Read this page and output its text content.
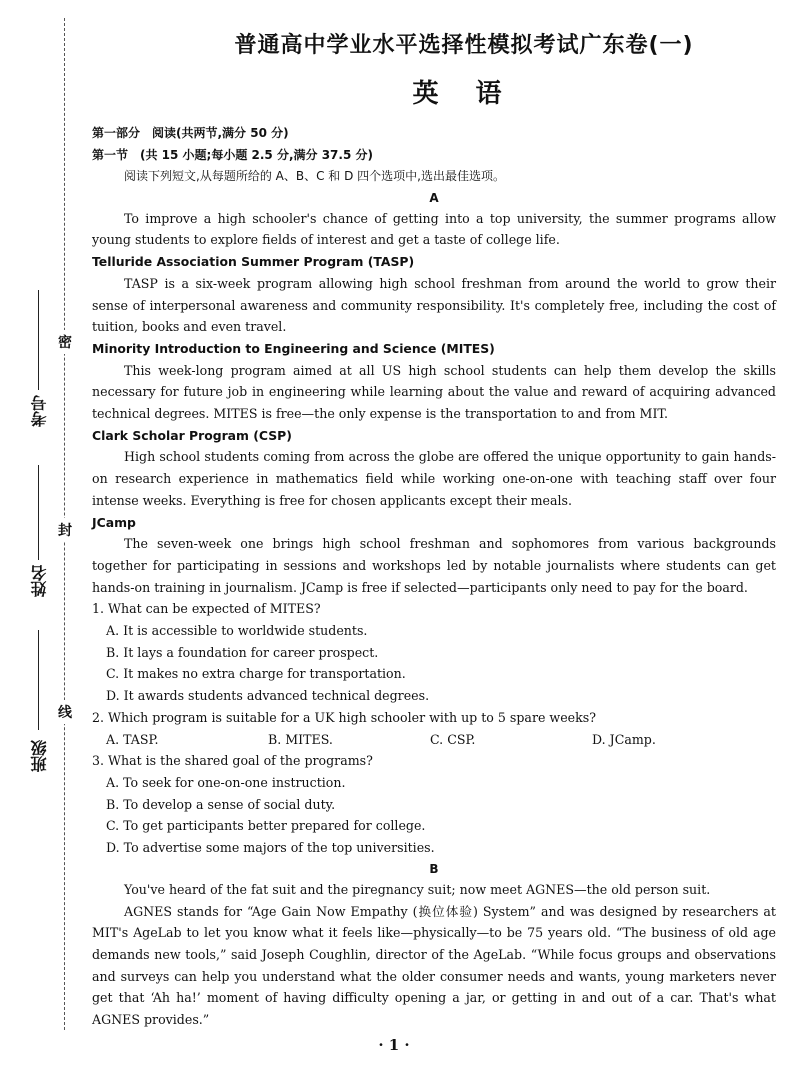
考号
姓名
班级
密
封
线
普通高中学业水平选择性模拟考试广东卷(一)
英 语
第一部分　阅读(共两节,满分 50 分)
第一节　(共 15 小题;每小题 2.5 分,满分 37.5 分)
阅读下列短文,从每题所给的 A、B、C 和 D 四个选项中,选出最佳选项。
A
To improve a high schooler's chance of getting into a top university, the summer programs allow young students to explore fields of interest and get a taste of college life.
Telluride Association Summer Program (TASP)
TASP is a six-week program allowing high school freshman from around the world to grow their sense of interpersonal awareness and community responsibility. It's completely free, including the cost of tuition, books and even travel.
Minority Introduction to Engineering and Science (MITES)
This week-long program aimed at all US high school students can help them develop the skills necessary for future job in engineering while learning about the value and reward of acquiring advanced technical degrees. MITES is free—the only expense is the transportation to and from MIT.
Clark Scholar Program (CSP)
High school students coming from across the globe are offered the unique opportunity to gain hands-on research experience in mathematics field while working one-on-one with teaching staff over four intense weeks. Everything is free for chosen applicants except their meals.
JCamp
The seven-week one brings high school freshman and sophomores from various backgrounds together for participating in sessions and workshops led by notable journalists where students can get hands-on training in journalism. JCamp is free if selected—participants only need to pay for the board.
1. What can be expected of MITES?
A. It is accessible to worldwide students.
B. It lays a foundation for career prospect.
C. It makes no extra charge for transportation.
D. It awards students advanced technical degrees.
2. Which program is suitable for a UK high schooler with up to 5 spare weeks?
A. TASP.	B. MITES.	C. CSP.	D. JCamp.
3. What is the shared goal of the programs?
A. To seek for one-on-one instruction.
B. To develop a sense of social duty.
C. To get participants better prepared for college.
D. To advertise some majors of the top universities.
B
You've heard of the fat suit and the piregnancy suit; now meet AGNES—the old person suit.
AGNES stands for “Age Gain Now Empathy (换位体验) System” and was designed by researchers at MIT's AgeLab to let you know what it feels like—physically—to be 75 years old. “The business of old age demands new tools,” said Joseph Coughlin, director of the AgeLab. “While focus groups and observations and surveys can help you understand what the older consumer needs and wants, young marketers never get that ‘Ah ha!’ moment of having difficulty opening a jar, or getting in and out of a car. That's what AGNES provides.”
· 1 ·
